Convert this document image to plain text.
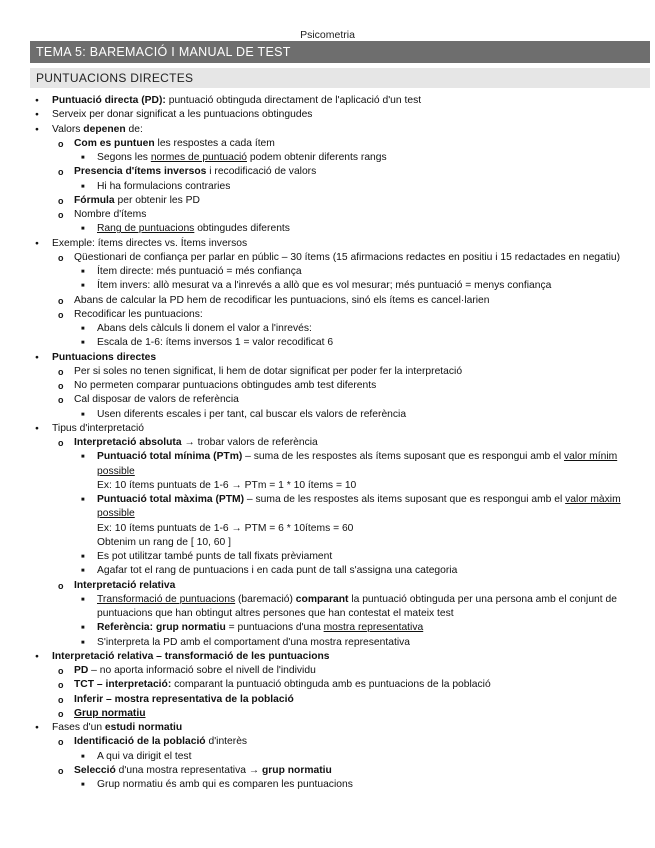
Psicometria
TEMA 5: BAREMACIÓ I MANUAL DE TEST
PUNTUACIONS DIRECTES
● Puntuació directa (PD): puntuació obtinguda directament de l'aplicació d'un test
● Serveix per donar significat a les puntuacions obtingudes
● Valors depenen de:
o Com es puntuen les respostes a cada ítem
■ Segons les normes de puntuació podem obtenir diferents rangs
o Presencia d'ítems inversos i recodificació de valors
■ Hi ha formulacions contraries
o Fórmula per obtenir les PD
o Nombre d'ítems
■ Rang de puntuacions obtingudes diferents
● Exemple: ítems directes vs. Ítems inversos
o Qüestionari de confiança per parlar en públic – 30 ítems (15 afirmacions redactes en positiu i 15 redactades en negatiu)
■ Ítem directe: més puntuació = més confiança
■ Ítem invers: allò mesurat va a l'inrevés a allò que es vol mesurar; més puntuació = menys confiança
o Abans de calcular la PD hem de recodificar les puntuacions, sinó els ítems es cancel·larien
o Recodificar les puntuacions:
■ Abans dels càlculs li donem el valor a l'inrevés:
■ Escala de 1-6: ítems inversos 1 = valor recodificat 6
● Puntuacions directes
o Per si soles no tenen significat, li hem de dotar significat per poder fer la interpretació
o No permeten comparar puntuacions obtingudes amb test diferents
o Cal disposar de valors de referència
■ Usen diferents escales i per tant, cal buscar els valors de referència
● Tipus d'interpretació
o Interpretació absoluta → trobar valors de referència
■ Puntuació total mínima (PTm) – suma de les respostes als ítems suposant que es respongui amb el valor mínim possible
Ex: 10 ítems puntuats de 1-6 → PTm = 1 * 10 ítems = 10
■ Puntuació total màxima (PTM) – suma de les respostes als items suposant que es respongui amb el valor màxim possible
Ex: 10 ítems puntuats de 1-6 → PTM = 6 * 10ítems = 60
Obtenim un rang de [ 10, 60 ]
■ Es pot utilitzar també punts de tall fixats prèviament
■ Agafar tot el rang de puntuacions i en cada punt de tall s'assigna una categoria
o Interpretació relativa
■ Transformació de puntuacions (baremació) comparant la puntuació obtinguda per una persona amb el conjunt de puntuacions que han obtingut altres persones que han contestat el mateix test
■ Referència: grup normatiu = puntuacions d'una mostra representativa
■ S'interpreta la PD amb el comportament d'una mostra representativa
● Interpretació relativa – transformació de les puntuacions
o PD – no aporta informació sobre el nivell de l'individu
o TCT – interpretació: comparant la puntuació obtinguda amb es puntuacions de la població
o Inferir – mostra representativa de la població
o Grup normatiu
● Fases d'un estudi normatiu
o Identificació de la població d'interès
■ A qui va dirigit el test
o Selecció d'una mostra representativa → grup normatiu
■ Grup normatiu és amb qui es comparen les puntuacions
